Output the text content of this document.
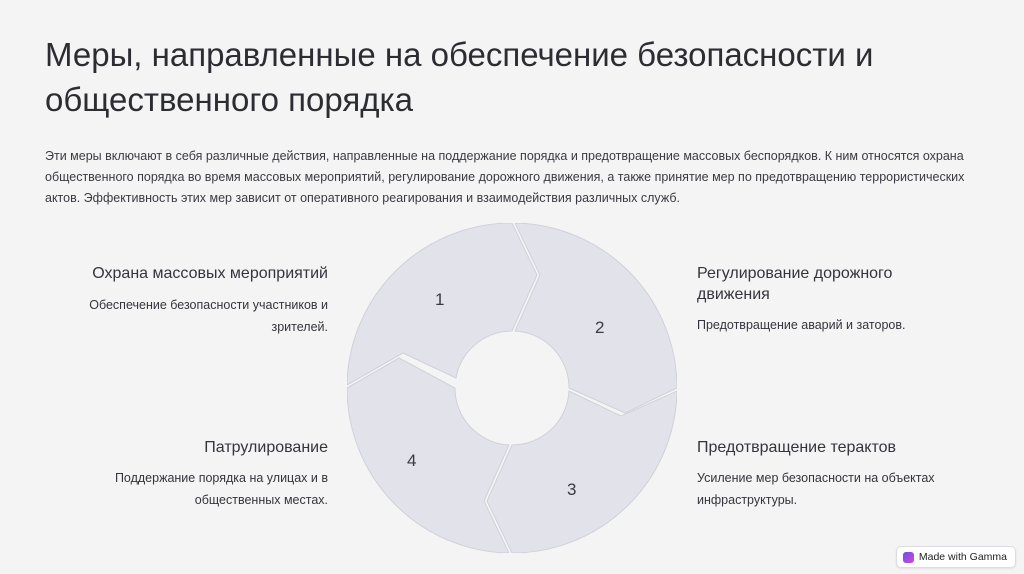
Меры, направленные на обеспечение безопасности и общественного порядка

Эти меры включают в себя различные действия, направленные на поддержание порядка и предотвращение массовых беспорядков. К ним относятся охрана общественного порядка во время массовых мероприятий, регулирование дорожного движения, а также принятие мер по предотвращению террористических актов. Эффективность этих мер зависит от оперативного реагирования и взаимодействия различных служб.

1
2
3
4
Охрана массовых мероприятий

Обеспечение безопасности участников и зрителей.

Регулирование дорожного движения

Предотвращение аварий и заторов.

Предотвращение терактов

Усиление мер безопасности на объектах инфраструктуры.

Патрулирование

Поддержание порядка на улицах и в общественных местах.

Made with Gamma
